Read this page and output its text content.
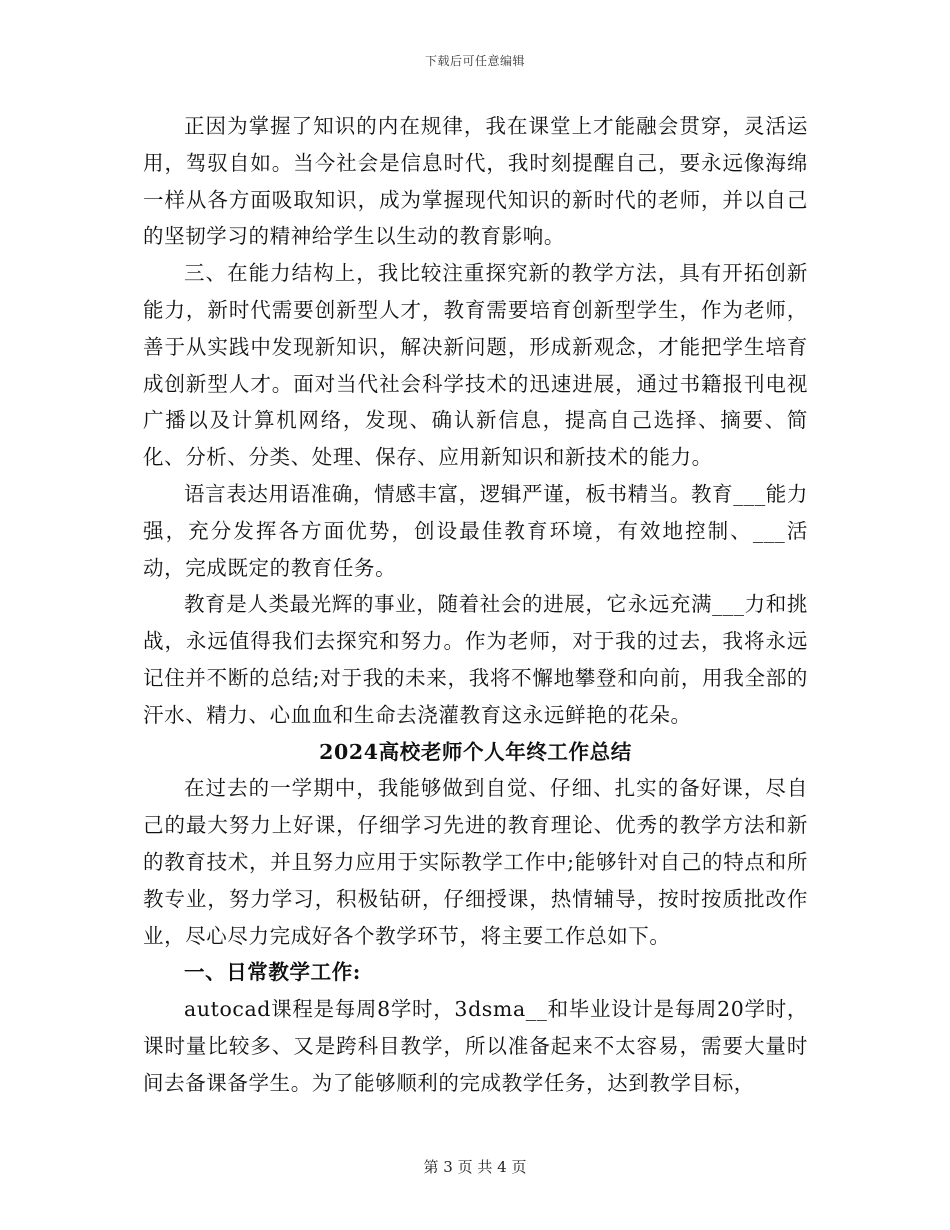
下载后可任意编辑

正因为掌握了知识的内在规律，我在课堂上才能融会贯穿，灵活运用，驾驭自如。当今社会是信息时代，我时刻提醒自己，要永远像海绵一样从各方面吸取知识，成为掌握现代知识的新时代的老师，并以自己的坚韧学习的精神给学生以生动的教育影响。

三、在能力结构上，我比较注重探究新的教学方法，具有开拓创新能力，新时代需要创新型人才，教育需要培育创新型学生，作为老师，善于从实践中发现新知识，解决新问题，形成新观念，才能把学生培育成创新型人才。面对当代社会科学技术的迅速进展，通过书籍报刊电视广播以及计算机网络，发现、确认新信息，提高自己选择、摘要、简化、分析、分类、处理、保存、应用新知识和新技术的能力。

语言表达用语准确，情感丰富，逻辑严谨，板书精当。教育___能力强，充分发挥各方面优势，创设最佳教育环境，有效地控制、___活动，完成既定的教育任务。

教育是人类最光辉的事业，随着社会的进展，它永远充满___力和挑战，永远值得我们去探究和努力。作为老师，对于我的过去，我将永远记住并不断的总结;对于我的未来，我将不懈地攀登和向前，用我全部的汗水、精力、心血血和生命去浇灌教育这永远鲜艳的花朵。

2024高校老师个人年终工作总结

在过去的一学期中，我能够做到自觉、仔细、扎实的备好课，尽自己的最大努力上好课，仔细学习先进的教育理论、优秀的教学方法和新的教育技术，并且努力应用于实际教学工作中;能够针对自己的特点和所教专业，努力学习，积极钻研，仔细授课，热情辅导，按时按质批改作业，尽心尽力完成好各个教学环节，将主要工作总如下。

一、日常教学工作:

autocad课程是每周8学时，3dsma__和毕业设计是每周20学时，课时量比较多、又是跨科目教学，所以准备起来不太容易，需要大量时间去备课备学生。为了能够顺利的完成教学任务，达到教学目标，

第 3 页 共 4 页
